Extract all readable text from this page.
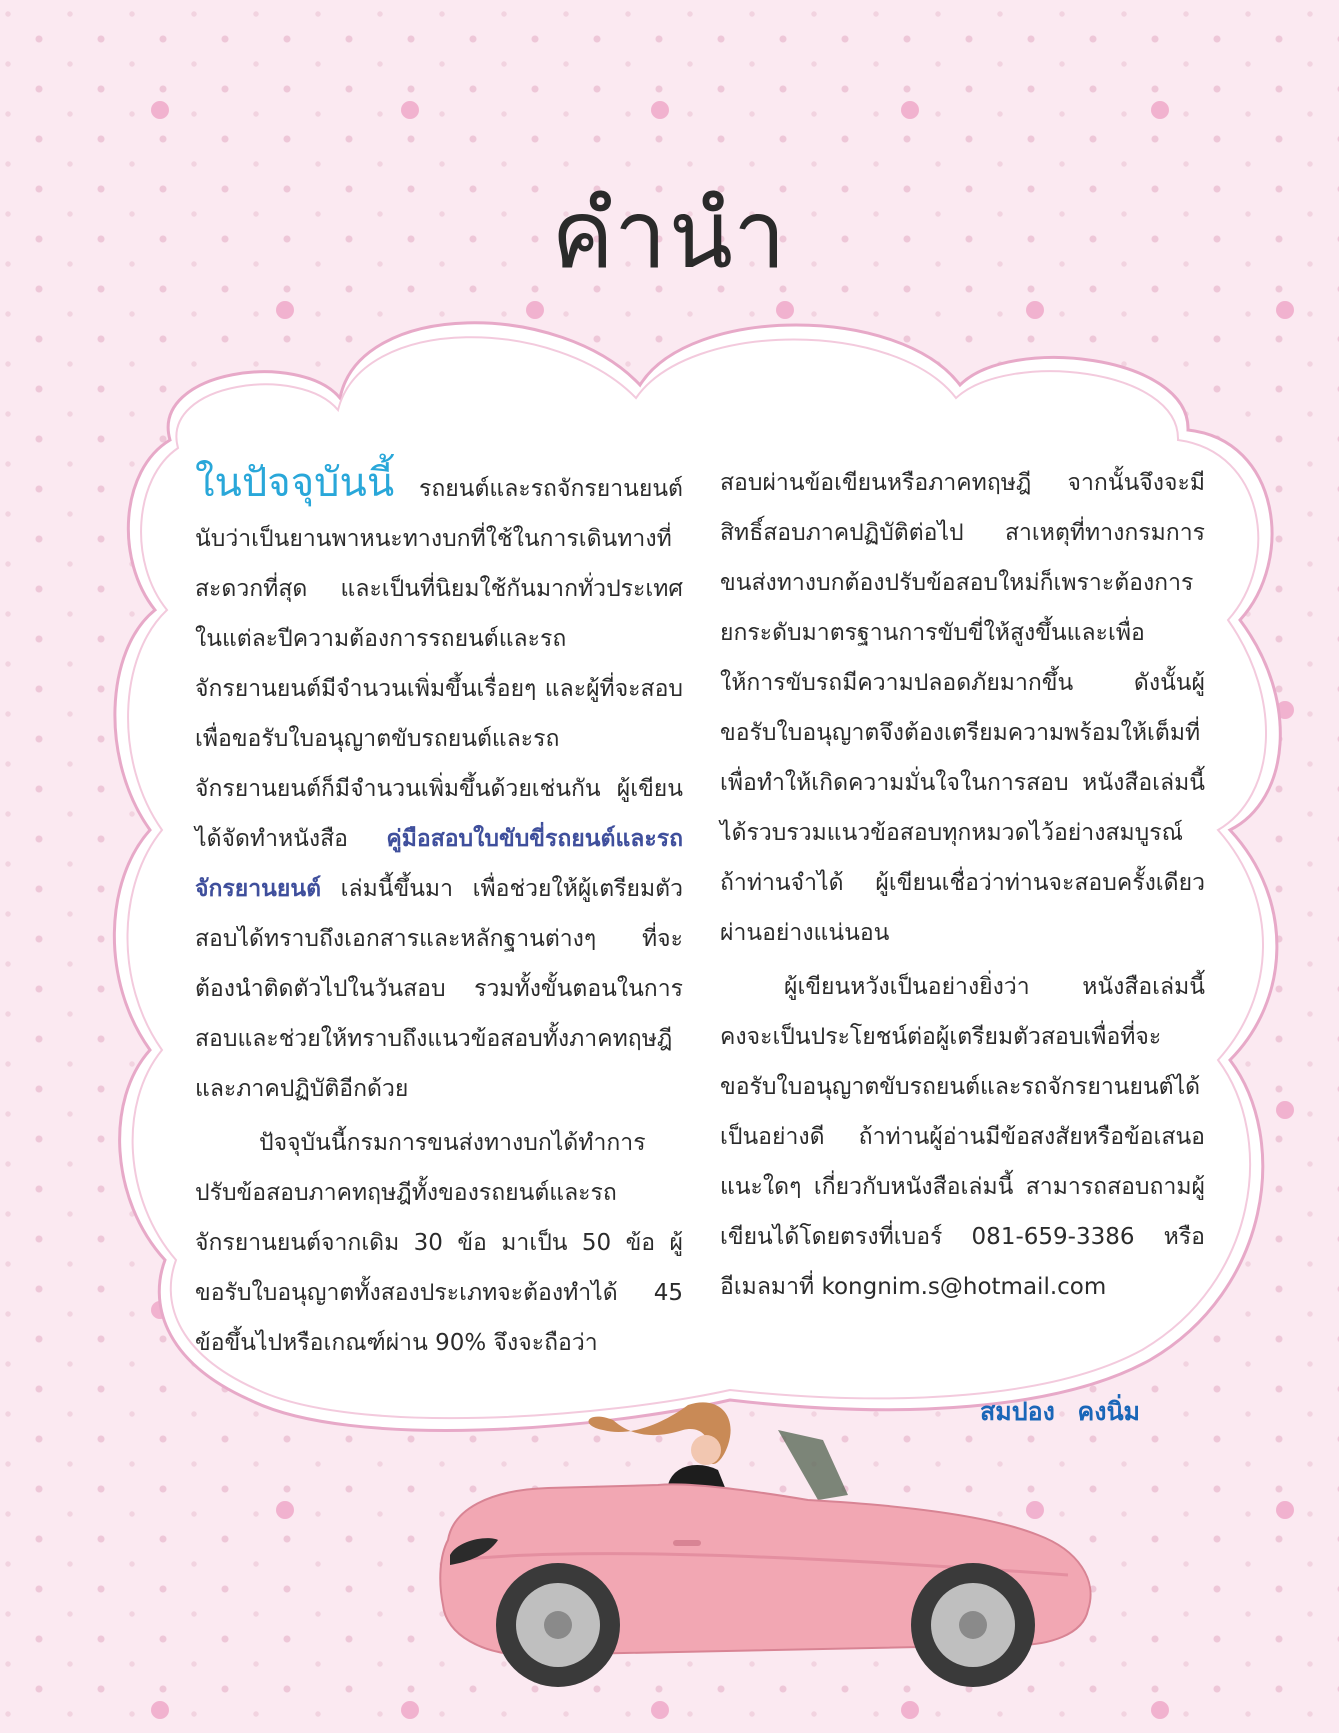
คำนำ

ในปัจจุบันนี้ รถยนต์และรถจักรยานยนต์นับว่าเป็นยานพาหนะทางบกที่ใช้ในการเดินทางที่สะดวกที่สุด และเป็นที่นิยมใช้กันมากทั่วประเทศ ในแต่ละปีความต้องการรถยนต์และรถจักรยานยนต์มีจำนวนเพิ่มขึ้นเรื่อยๆ และผู้ที่จะสอบเพื่อขอรับใบอนุญาตขับรถยนต์และรถจักรยานยนต์ก็มีจำนวนเพิ่มขึ้นด้วยเช่นกัน ผู้เขียนได้จัดทำหนังสือ คู่มือสอบใบขับขี่รถยนต์และรถจักรยานยนต์ เล่มนี้ขึ้นมา เพื่อช่วยให้ผู้เตรียมตัวสอบได้ทราบถึงเอกสารและหลักฐานต่างๆ ที่จะต้องนำติดตัวไปในวันสอบ รวมทั้งขั้นตอนในการสอบและช่วยให้ทราบถึงแนวข้อสอบทั้งภาคทฤษฎีและภาคปฏิบัติอีกด้วย

ปัจจุบันนี้กรมการขนส่งทางบกได้ทำการปรับข้อสอบภาคทฤษฎีทั้งของรถยนต์และรถจักรยานยนต์จากเดิม 30 ข้อ มาเป็น 50 ข้อ ผู้ขอรับใบอนุญาตทั้งสองประเภทจะต้องทำได้ 45 ข้อขึ้นไปหรือเกณฑ์ผ่าน 90% จึงจะถือว่า

สอบผ่านข้อเขียนหรือภาคทฤษฎี จากนั้นจึงจะมีสิทธิ์สอบภาคปฏิบัติต่อไป สาเหตุที่ทางกรมการขนส่งทางบกต้องปรับข้อสอบใหม่ก็เพราะต้องการยกระดับมาตรฐานการขับขี่ให้สูงขึ้นและเพื่อให้การขับรถมีความปลอดภัยมากขึ้น ดังนั้นผู้ขอรับใบอนุญาตจึงต้องเตรียมความพร้อมให้เต็มที่เพื่อทำให้เกิดความมั่นใจในการสอบ หนังสือเล่มนี้ได้รวบรวมแนวข้อสอบทุกหมวดไว้อย่างสมบูรณ์ ถ้าท่านจำได้ ผู้เขียนเชื่อว่าท่านจะสอบครั้งเดียวผ่านอย่างแน่นอน

ผู้เขียนหวังเป็นอย่างยิ่งว่า หนังสือเล่มนี้คงจะเป็นประโยชน์ต่อผู้เตรียมตัวสอบเพื่อที่จะขอรับใบอนุญาตขับรถยนต์และรถจักรยานยนต์ได้เป็นอย่างดี ถ้าท่านผู้อ่านมีข้อสงสัยหรือข้อเสนอแนะใดๆ เกี่ยวกับหนังสือเล่มนี้ สามารถสอบถามผู้เขียนได้โดยตรงที่เบอร์ 081-659-3386 หรืออีเมลมาที่ kongnim.s@hotmail.com

สมปอง คงนิ่ม
